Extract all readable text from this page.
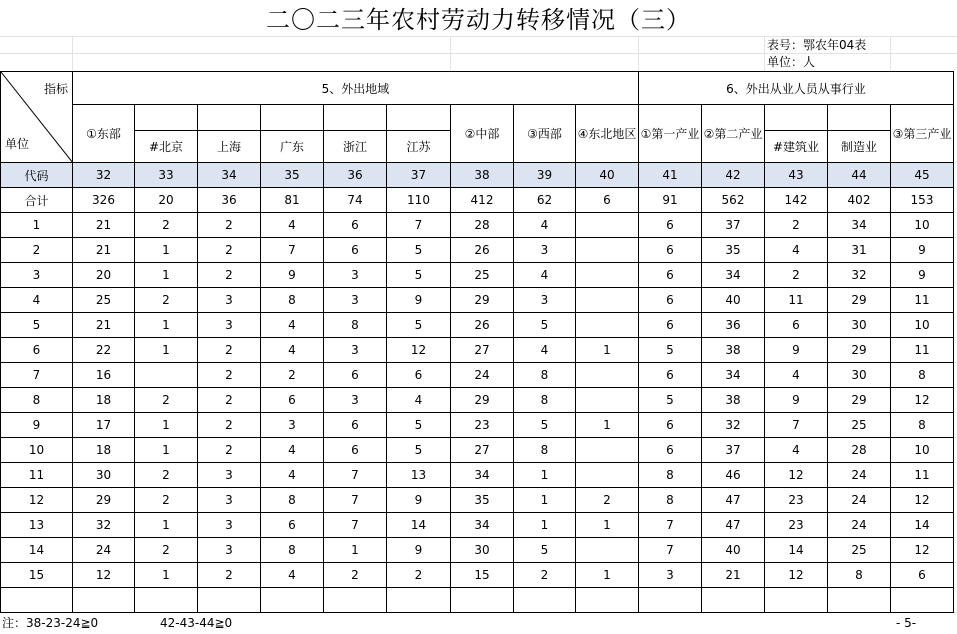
二〇二三年农村劳动力转移情况（三）
表号：鄂农年04表
单位：人
指标
单位	5、外出地域									6、外出从业人员从事行业				
	①东部						②中部	③西部	④东北地区	①第一产业	②第二产业			③第三产业
		#北京	上海	广东	浙江	江苏						#建筑业	制造业	
代码	32	33	34	35	36	37	38	39	40	41	42	43	44	45
合计	326	20	36	81	74	110	412	62	6	91	562	142	402	153
1	21	2	2	4	6	7	28	4		6	37	2	34	10
2	21	1	2	7	6	5	26	3		6	35	4	31	9
3	20	1	2	9	3	5	25	4		6	34	2	32	9
4	25	2	3	8	3	9	29	3		6	40	11	29	11
5	21	1	3	4	8	5	26	5		6	36	6	30	10
6	22	1	2	4	3	12	27	4	1	5	38	9	29	11
7	16		2	2	6	6	24	8		6	34	4	30	8
8	18	2	2	6	3	4	29	8		5	38	9	29	12
9	17	1	2	3	6	5	23	5	1	6	32	7	25	8
10	18	1	2	4	6	5	27	8		6	37	4	28	10
11	30	2	3	4	7	13	34	1		8	46	12	24	11
12	29	2	3	8	7	9	35	1	2	8	47	23	24	12
13	32	1	3	6	7	14	34	1	1	7	47	23	24	14
14	24	2	3	8	1	9	30	5		7	40	14	25	12
15	12	1	2	4	2	2	15	2	1	3	21	12	8	6

注：38-23-24≧0	42-43-44≧0	- 5-
